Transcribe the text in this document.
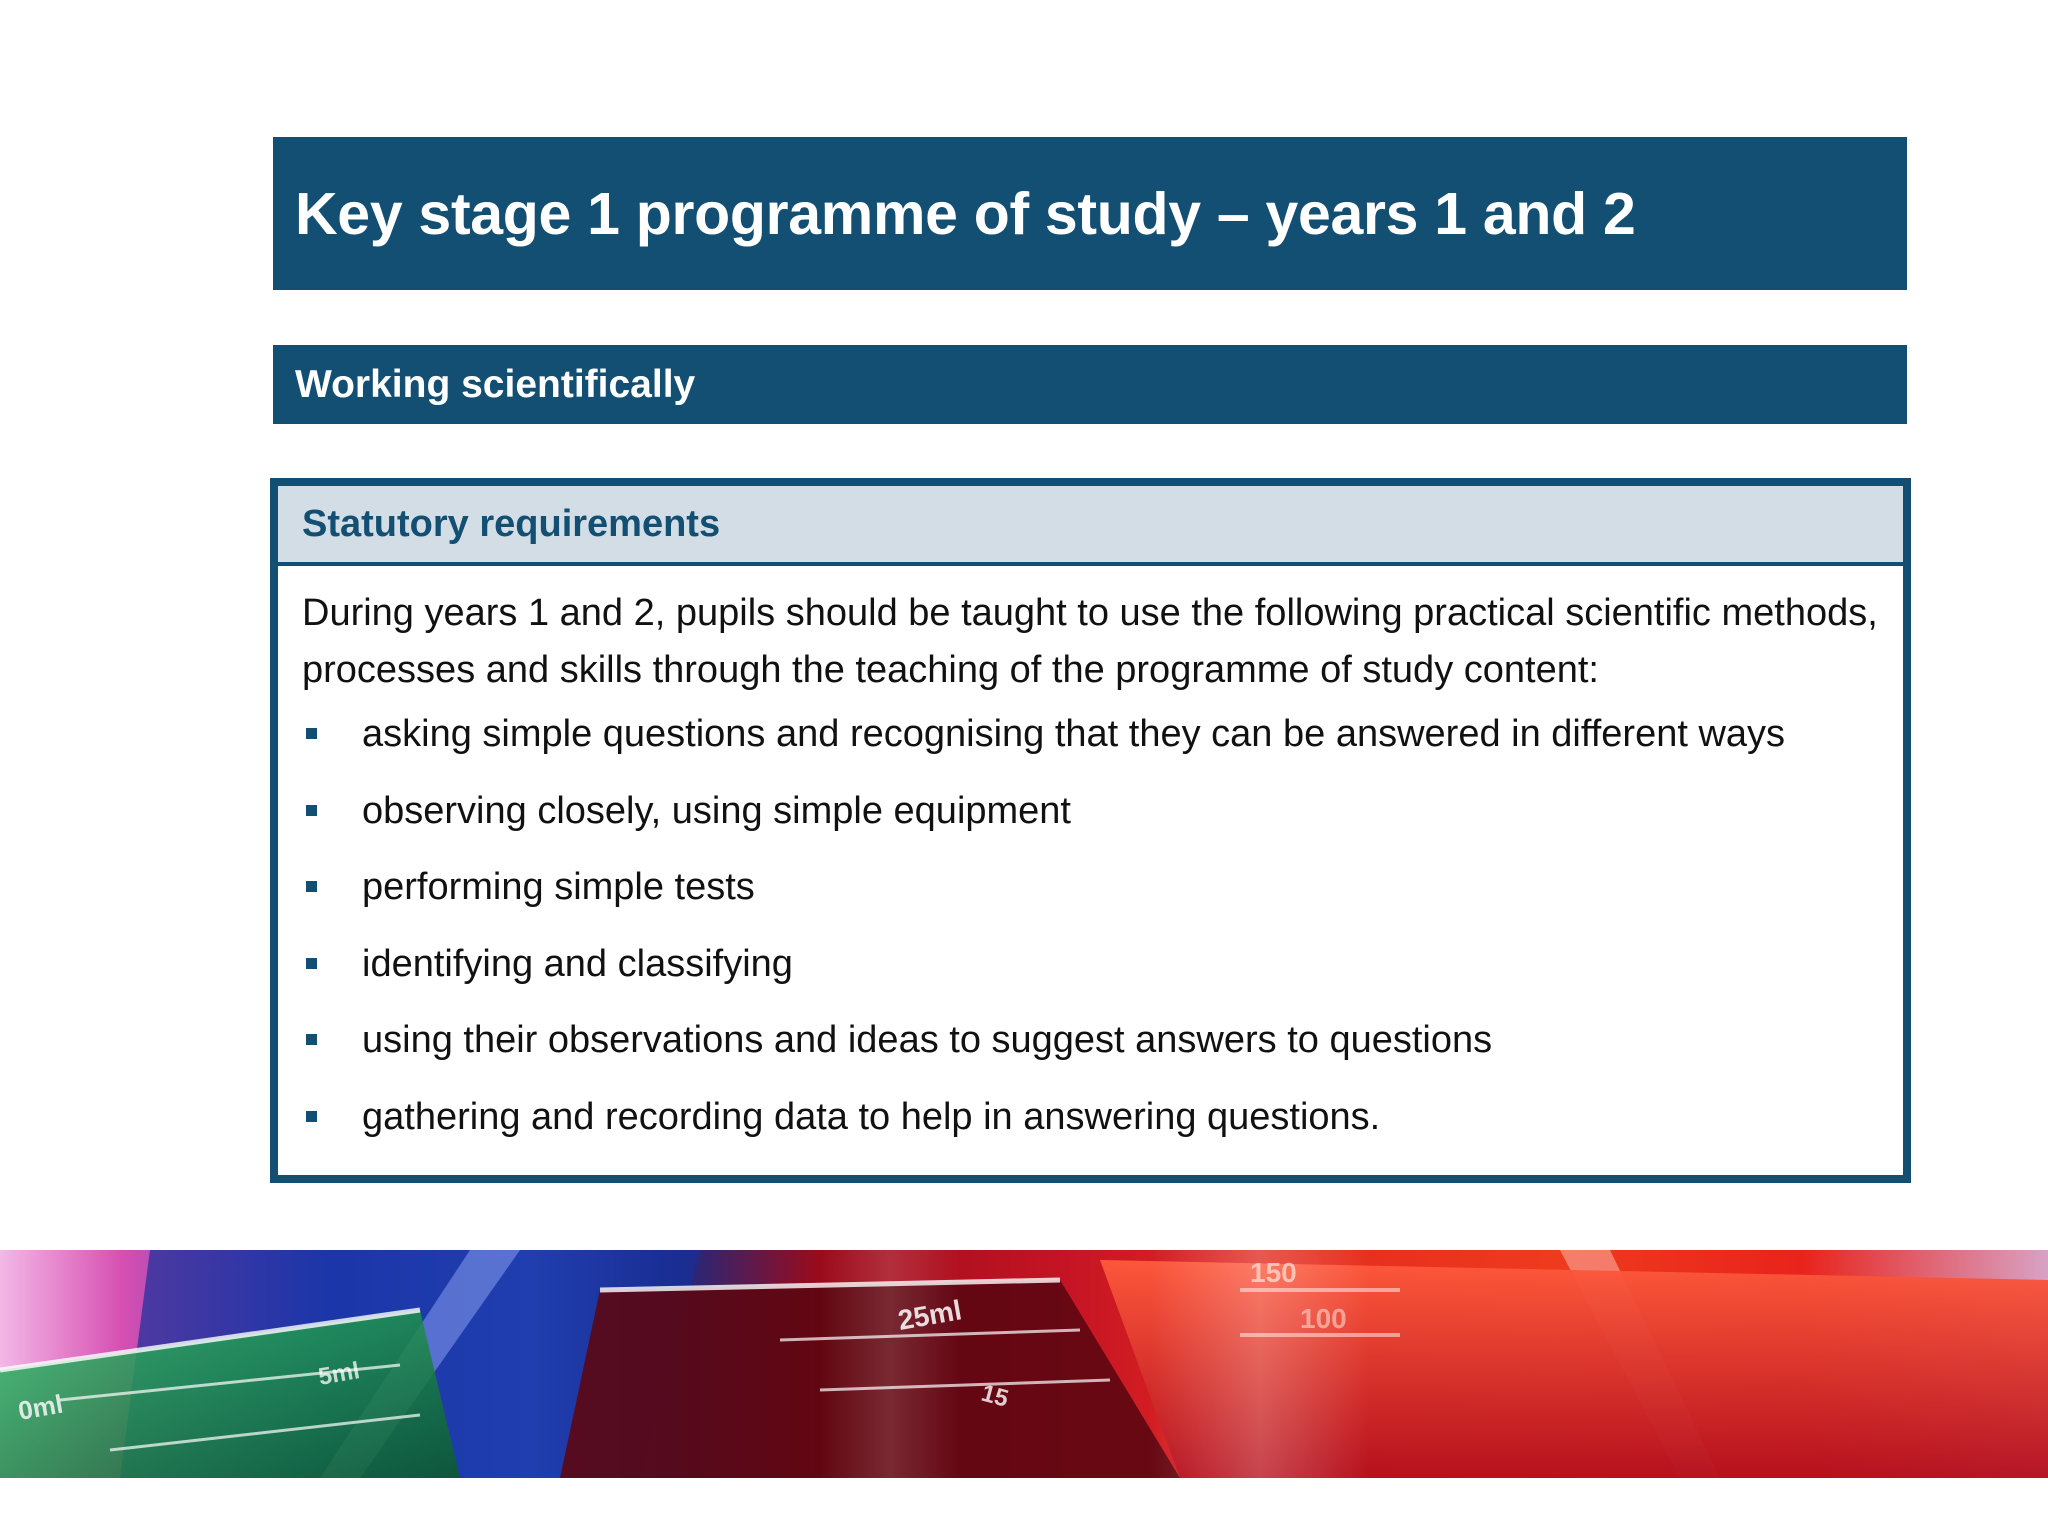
Key stage 1 programme of study – years 1 and 2
Working scientifically
Statutory requirements

During years 1 and 2, pupils should be taught to use the following practical scientific methods, processes and skills through the teaching of the programme of study content:

asking simple questions and recognising that they can be answered in different ways
observing closely, using simple equipment
performing simple tests
identifying and classifying
using their observations and ideas to suggest answers to questions
gathering and recording data to help in answering questions.
150
100
25ml
15
0ml
5ml
